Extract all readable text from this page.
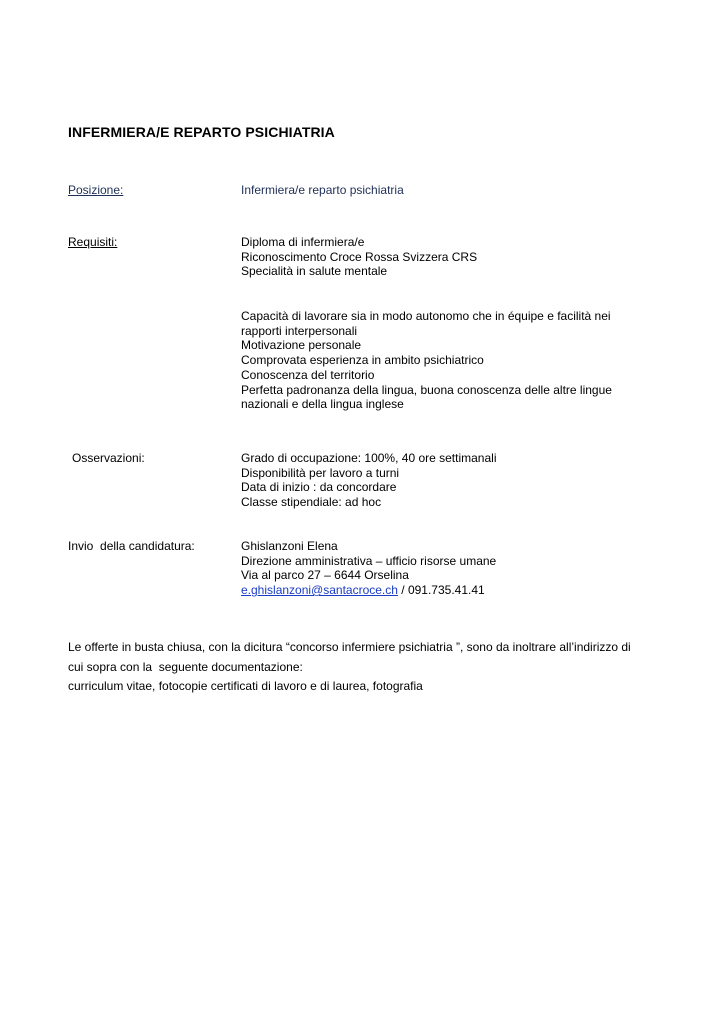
INFERMIERA/E REPARTO PSICHIATRIA
Posizione:	Infermiera/e reparto psichiatria
Requisiti:	Diploma di infermiera/e
Riconoscimento Croce Rossa Svizzera CRS
Specialità in salute mentale
Capacità di lavorare sia in modo autonomo che in équipe e facilità nei
rapporti interpersonali
Motivazione personale
Comprovata esperienza in ambito psichiatrico
Conoscenza del territorio
Perfetta padronanza della lingua, buona conoscenza delle altre lingue
nazionali e della lingua inglese
Osservazioni:	Grado di occupazione: 100%, 40 ore settimanali
Disponibilità per lavoro a turni
Data di inizio : da concordare
Classe stipendiale: ad hoc
Invio  della candidatura:	Ghislanzoni Elena
Direzione amministrativa – ufficio risorse umane
Via al parco 27 – 6644 Orselina
e.ghislanzoni@santacroce.ch / 091.735.41.41
Le offerte in busta chiusa, con la dicitura “concorso infermiere psichiatria ”, sono da inoltrare all’indirizzo di
cui sopra con la  seguente documentazione:
curriculum vitae, fotocopie certificati di lavoro e di laurea, fotografia
